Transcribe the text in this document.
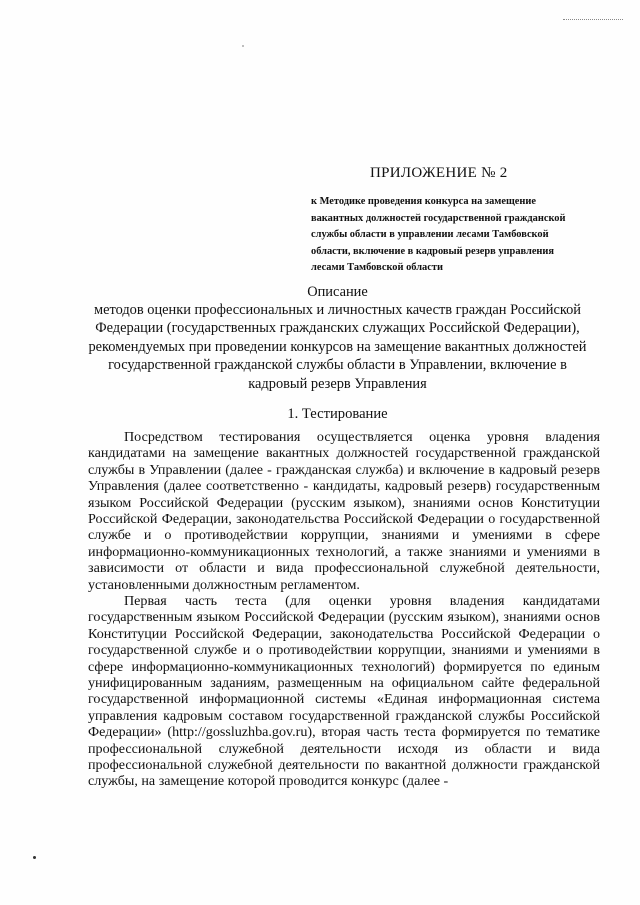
ПРИЛОЖЕНИЕ № 2
к Методике проведения конкурса на замещение вакантных должностей государственной гражданской службы области в управлении лесами Тамбовской области, включение в кадровый резерв управления лесами Тамбовской области
Описание
методов оценки профессиональных и личностных качеств граждан Российской Федерации (государственных гражданских служащих Российской Федерации), рекомендуемых при проведении конкурсов на замещение вакантных должностей государственной гражданской службы области в Управлении, включение в кадровый резерв Управления
1. Тестирование

Посредством тестирования осуществляется оценка уровня владения кандидатами на замещение вакантных должностей государственной гражданской службы в Управлении (далее - гражданская служба) и включение в кадровый резерв Управления (далее соответственно - кандидаты, кадровый резерв) государственным языком Российской Федерации (русским языком), знаниями основ Конституции Российской Федерации, законодательства Российской Федерации о государственной службе и о противодействии коррупции, знаниями и умениями в сфере информационно-коммуникационных технологий, а также знаниями и умениями в зависимости от области и вида профессиональной служебной деятельности, установленными должностным регламентом.

Первая часть теста (для оценки уровня владения кандидатами государственным языком Российской Федерации (русским языком), знаниями основ Конституции Российской Федерации, законодательства Российской Федерации о государственной службе и о противодействии коррупции, знаниями и умениями в сфере информационно-коммуникационных технологий) формируется по единым унифицированным заданиям, размещенным на официальном сайте федеральной государственной информационной системы «Единая информационная система управления кадровым составом государственной гражданской службы Российской Федерации» (http://gossluzhba.gov.ru), вторая часть теста формируется по тематике профессиональной служебной деятельности исходя из области и вида профессиональной служебной деятельности по вакантной должности гражданской службы, на замещение которой проводится конкурс (далее -
